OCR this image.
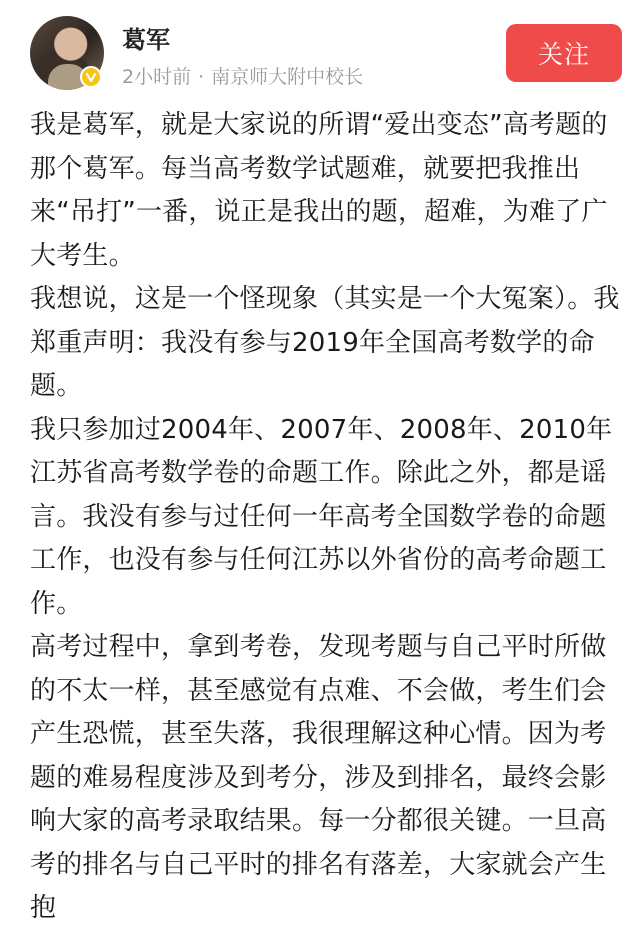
葛军
2小时前 · 南京师大附中校长
关注

我是葛军，就是大家说的所谓“爱出变态”高考题的那个葛军。每当高考数学试题难，就要把我推出来“吊打”一番，说正是我出的题，超难，为难了广大考生。

我想说，这是一个怪现象（其实是一个大冤案）。我郑重声明：我没有参与2019年全国高考数学的命题。

我只参加过2004年、2007年、2008年、2010年江苏省高考数学卷的命题工作。除此之外，都是谣言。我没有参与过任何一年高考全国数学卷的命题工作，也没有参与任何江苏以外省份的高考命题工作。

高考过程中，拿到考卷，发现考题与自己平时所做的不太一样，甚至感觉有点难、不会做，考生们会产生恐慌，甚至失落，我很理解这种心情。因为考题的难易程度涉及到考分，涉及到排名，最终会影响大家的高考录取结果。每一分都很关键。一旦高考的排名与自己平时的排名有落差，大家就会产生抱
